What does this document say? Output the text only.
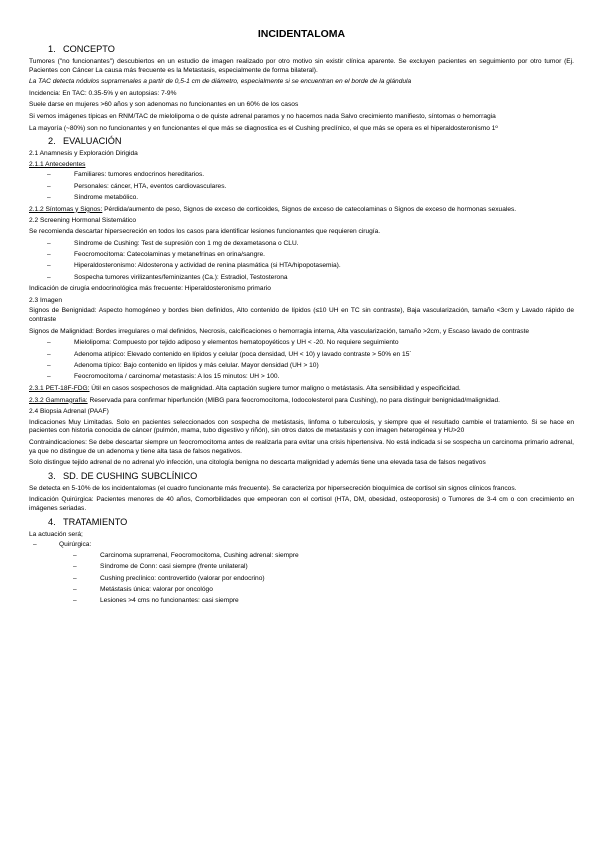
INCIDENTALOMA
1. CONCEPTO

Tumores ("no funcionantes") descubiertos en un estudio de imagen realizado por otro motivo sin existir clínica aparente. Se excluyen pacientes en seguimiento por otro tumor (Ej. Pacientes con Cáncer La causa más frecuente es la Metastasis, especialmente de forma bilateral).

La TAC detecta nódulos suprarrenales a partir de 0,5-1 cm de diámetro, especialmente si se encuentran en el borde de la glándula

Incidencia: En TAC: 0.35-5% y en autopsias: 7-9%

Suele darse en mujeres >60 años y son adenomas no funcionantes en un 60% de los casos

Si vemos imágenes típicas en RNM/TAC de mielolipoma o de quiste adrenal paramos y no hacemos nada Salvo crecimiento manifiesto, síntomas o hemorragia

La mayoría (~80%) son no funcionantes y en funcionantes el que más se diagnostica es el Cushing preclínico, el que más se opera es el hiperaldosteronismo 1º

2. EVALUACIÓN
2.1 Anamnesis y Exploración Dirigida
2.1.1 Antecedentes
– Familiares: tumores endocrinos hereditarios.
– Personales: cáncer, HTA, eventos cardiovasculares.
– Síndrome metabólico.

2.1.2 Síntomas y Signos: Pérdida/aumento de peso, Signos de exceso de corticoides, Signos de exceso de catecolaminas o Signos de exceso de hormonas sexuales.

2.2 Screening Hormonal Sistemático

Se recomienda descartar hipersecreción en todos los casos para identificar lesiones funcionantes que requieren cirugía.

– Síndrome de Cushing: Test de supresión con 1 mg de dexametasona o CLU.
– Feocromocitoma: Catecolaminas y metanefrinas en orina/sangre.
– Hiperaldosteronismo: Aldosterona y actividad de renina plasmática (si HTA/hipopotasemia).
– Sospecha tumores virilizantes/feminizantes (Ca.): Estradiol, Testosterona

Indicación de cirugía endocrinológica más frecuente: Hiperaldosteronismo primario

2.3 Imagen

Signos de Benignidad: Aspecto homogéneo y bordes bien definidos, Alto contenido de lípidos (≤10 UH en TC sin contraste), Baja vascularización, tamaño <3cm y Lavado rápido de contraste

Signos de Malignidad: Bordes irregulares o mal definidos, Necrosis, calcificaciones o hemorragia interna, Alta vascularización, tamaño >2cm, y Escaso lavado de contraste

– Mielolipoma: Compuesto por tejido adiposo y elementos hematopoyéticos y UH < -20. No requiere seguimiento
– Adenoma atípico: Elevado contenido en lípidos y celular (poca densidad, UH < 10) y lavado contraste > 50% en 15´
– Adenoma típico: Bajo contenido en lípidos y más celular. Mayor densidad (UH > 10)
– Feocromocitoma / carcinoma/ metastasis: A los 15 minutos: UH > 100.

2.3.1 PET-18F-FDG: Útil en casos sospechosos de malignidad. Alta captación sugiere tumor maligno o metástasis. Alta sensibilidad y especificidad.

2.3.2 Gammagrafía: Reservada para confirmar hiperfunción (MIBG para feocromocitoma, Iodocolesterol para Cushing), no para distinguir benignidad/malignidad.

2.4 Biopsia Adrenal (PAAF)

Indicaciones Muy Limitadas. Solo en pacientes seleccionados con sospecha de metástasis, linfoma o tuberculosis, y siempre que el resultado cambie el tratamiento. Si se hace en pacientes con historia conocida de cáncer (pulmón, mama, tubo digestivo y riñón), sin otros datos de metastasis y con imagen heterogénea y HU>20

Contraindicaciones: Se debe descartar siempre un feocromocitoma antes de realizarla para evitar una crisis hipertensiva. No está indicada si se sospecha un carcinoma primario adrenal, ya que no distingue de un adenoma y tiene alta tasa de falsos negativos.

Solo distingue tejido adrenal de no adrenal y/o infección, una citología benigna no descarta malignidad y además tiene una elevada tasa de falsos negativos

3. SD. DE CUSHING SUBCLÍNICO

Se detecta en 5-10% de los incidentalomas (el cuadro funcionante más frecuente). Se caracteriza por hipersecreción bioquímica de cortisol sin signos clínicos francos.

Indicación Quirúrgica: Pacientes menores de 40 años, Comorbilidades que empeoran con el cortisol (HTA, DM, obesidad, osteoporosis) o Tumores de 3-4 cm o con crecimiento en imágenes seriadas.

4. TRATAMIENTO
La actuación será;
– Quirúrgica:
– Carcinoma suprarrenal, Feocromocitoma, Cushing adrenal: siempre
– Síndrome de Conn: casi siempre (frente unilateral)
– Cushing preclínico: controvertido (valorar por endocrino)
– Metástasis única: valorar por oncológo
– Lesiones >4 cms no funcionantes: casi siempre
